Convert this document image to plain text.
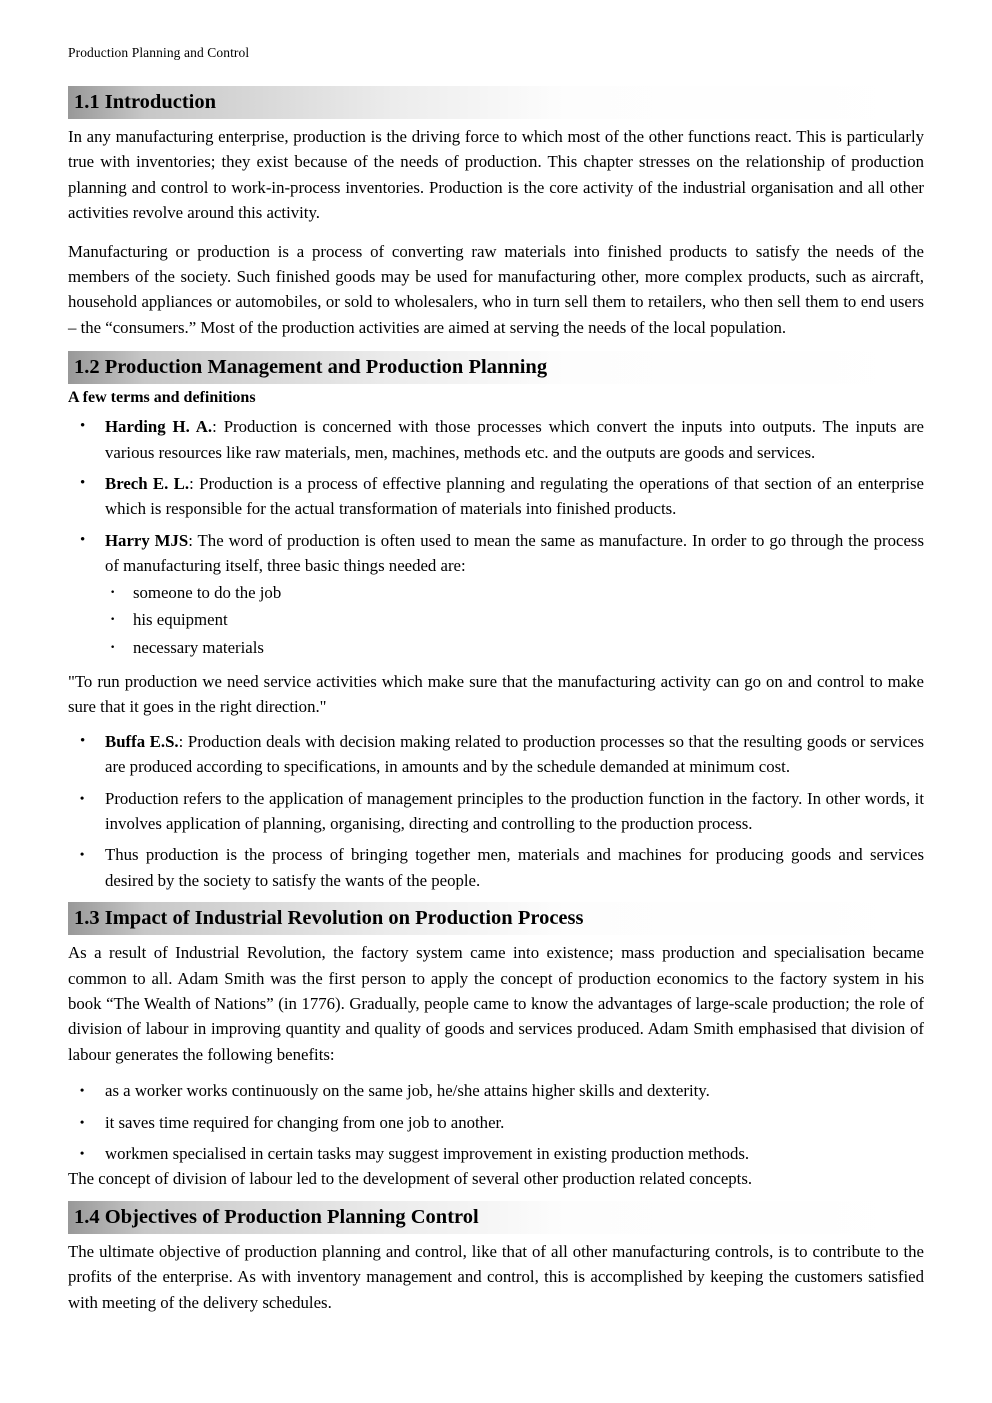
Production Planning and Control
1.1 Introduction

In any manufacturing enterprise, production is the driving force to which most of the other functions react. This is particularly true with inventories; they exist because of the needs of production. This chapter stresses on the relationship of production planning and control to work-in-process inventories. Production is the core activity of the industrial organisation and all other activities revolve around this activity.

Manufacturing or production is a process of converting raw materials into finished products to satisfy the needs of the members of the society. Such finished goods may be used for manufacturing other, more complex products, such as aircraft, household appliances or automobiles, or sold to wholesalers, who in turn sell them to retailers, who then sell them to end users – the “consumers.” Most of the production activities are aimed at serving the needs of the local population.

1.2 Production Management and Production Planning
A few terms and definitions
•	Harding H. A.: Production is concerned with those processes which convert the inputs into outputs. The inputs are various resources like raw materials, men, machines, methods etc. and the outputs are goods and services.
•	Brech E. L.: Production is a process of effective planning and regulating the operations of that section of an enterprise which is responsible for the actual transformation of materials into finished products.
•	Harry MJS: The word of production is often used to mean the same as manufacture. In order to go through the process of manufacturing itself, three basic things needed are:
·	someone to do the job
·	his equipment
·	necessary materials

"To run production we need service activities which make sure that the manufacturing activity can go on and control to make sure that it goes in the right direction."

•	Buffa E.S.: Production deals with decision making related to production processes so that the resulting goods or services are produced according to specifications, in amounts and by the schedule demanded at minimum cost.
•	Production refers to the application of management principles to the production function in the factory. In other words, it involves application of planning, organising, directing and controlling to the production process.
•	Thus production is the process of bringing together men, materials and machines for producing goods and services desired by the society to satisfy the wants of the people.
1.3 Impact of Industrial Revolution on Production Process

As a result of Industrial Revolution, the factory system came into existence; mass production and specialisation became common to all. Adam Smith was the first person to apply the concept of production economics to the factory system in his book “The Wealth of Nations” (in 1776). Gradually, people came to know the advantages of large-scale production; the role of division of labour in improving quantity and quality of goods and services produced. Adam Smith emphasised that division of labour generates the following benefits:

•	as a worker works continuously on the same job, he/she attains higher skills and dexterity.
•	it saves time required for changing from one job to another.
•	workmen specialised in certain tasks may suggest improvement in existing production methods.

The concept of division of labour led to the development of several other production related concepts.

1.4 Objectives of Production Planning Control

The ultimate objective of production planning and control, like that of all other manufacturing controls, is to contribute to the profits of the enterprise. As with inventory management and control, this is accomplished by keeping the customers satisfied with meeting of the delivery schedules.
